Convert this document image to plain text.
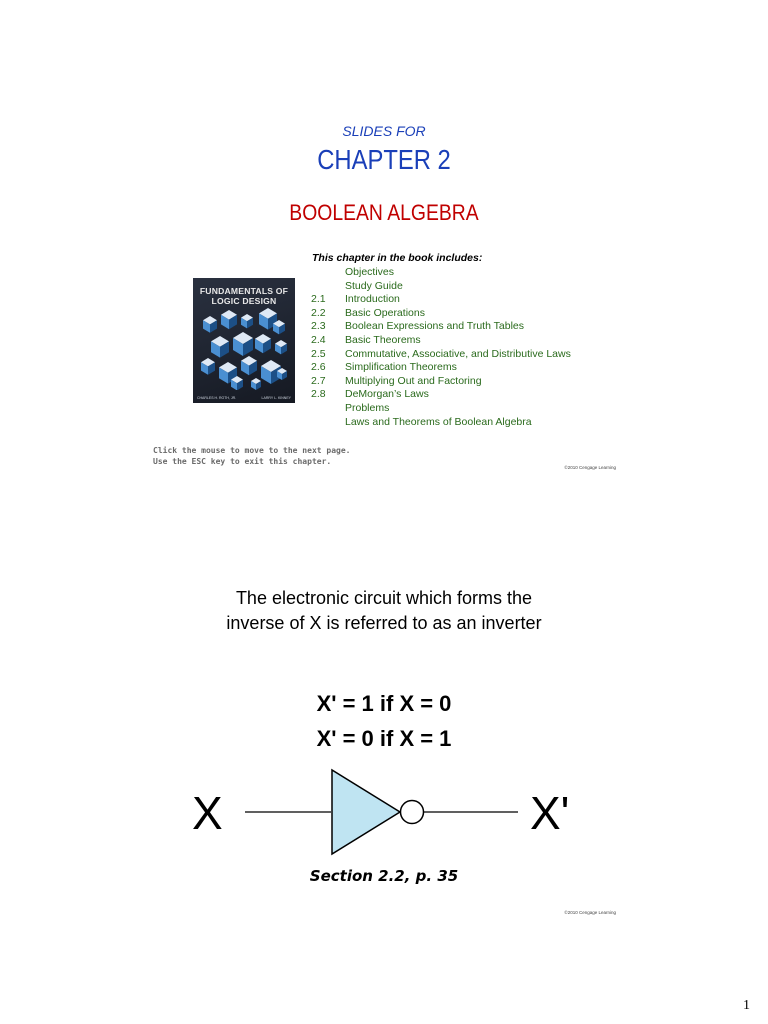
SLIDES FOR
CHAPTER 2
BOOLEAN ALGEBRA
FUNDAMENTALS OF
LOGIC DESIGN
CHARLES H. ROTH, JR.	LARRY L. KINNEY
This chapter in the book includes:
Objectives
Study Guide
2.1 Introduction
2.2 Basic Operations
2.3 Boolean Expressions and Truth Tables
2.4 Basic Theorems
2.5 Commutative, Associative, and Distributive Laws
2.6 Simplification Theorems
2.7 Multiplying Out and Factoring
2.8 DeMorgan’s Laws
Problems
Laws and Theorems of Boolean Algebra
Click the mouse to move to the next page.
Use the ESC key to exit this chapter.
©2010 Cengage Learning
The electronic circuit which forms the
inverse of X is referred to as an inverter
X' = 1 if X = 0
X' = 0 if X = 1
X	X'
Section 2.2, p. 35
©2010 Cengage Learning
1
